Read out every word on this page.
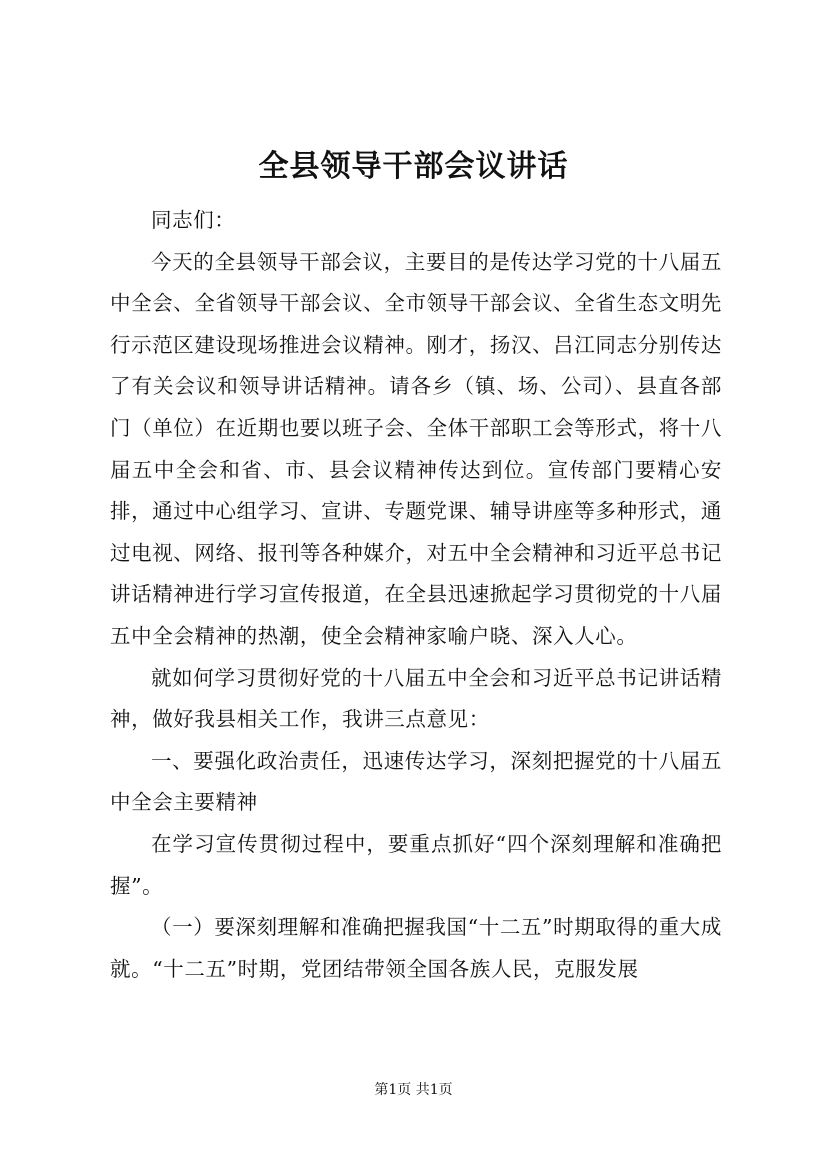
全县领导干部会议讲话

同志们：

今天的全县领导干部会议，主要目的是传达学习党的十八届五中全会、全省领导干部会议、全市领导干部会议、全省生态文明先行示范区建设现场推进会议精神。刚才，扬汉、吕江同志分别传达了有关会议和领导讲话精神。请各乡（镇、场、公司）、县直各部门（单位）在近期也要以班子会、全体干部职工会等形式，将十八届五中全会和省、市、县会议精神传达到位。宣传部门要精心安排，通过中心组学习、宣讲、专题党课、辅导讲座等多种形式，通过电视、网络、报刊等各种媒介，对五中全会精神和习近平总书记讲话精神进行学习宣传报道，在全县迅速掀起学习贯彻党的十八届五中全会精神的热潮，使全会精神家喻户晓、深入人心。

就如何学习贯彻好党的十八届五中全会和习近平总书记讲话精神，做好我县相关工作，我讲三点意见：

一、要强化政治责任，迅速传达学习，深刻把握党的十八届五中全会主要精神

在学习宣传贯彻过程中，要重点抓好“四个深刻理解和准确把握”。

（一）要深刻理解和准确把握我国“十二五”时期取得的重大成就。“十二五”时期，党团结带领全国各族人民，克服发展

第1页 共1页
